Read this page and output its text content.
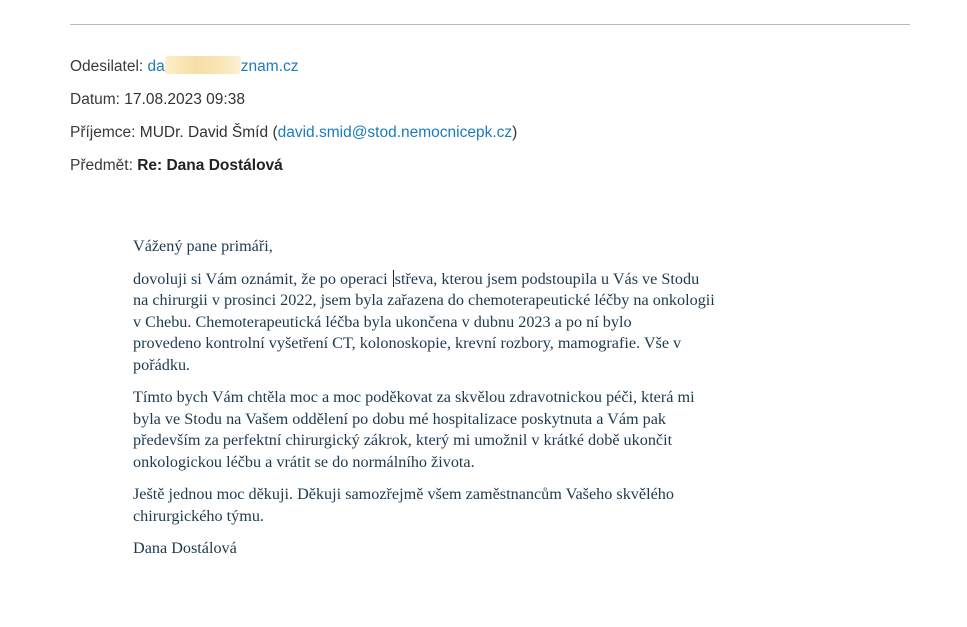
Odesilatel: da	znam.cz
Datum: 17.08.2023 09:38
Příjemce: MUDr. David Šmíd (david.smid@stod.nemocnicepk.cz)
Předmět: Re: Dana Dostálová

Vážený pane primáři,

dovoluji si Vám oznámit, že po operaci střeva, kterou jsem podstoupila u Vás ve Stodu
na chirurgii v prosinci 2022, jsem byla zařazena do chemoterapeutické léčby na onkologii
v Chebu. Chemoterapeutická léčba byla ukončena v dubnu 2023 a po ní bylo
provedeno kontrolní vyšetření CT, kolonoskopie, krevní rozbory, mamografie. Vše v
pořádku.

Tímto bych Vám chtěla moc a moc poděkovat za skvělou zdravotnickou péči, která mi
byla ve Stodu na Vašem oddělení po dobu mé hospitalizace poskytnuta a Vám pak
především za perfektní chirurgický zákrok, který mi umožnil v krátké době ukončit
onkologickou léčbu a vrátit se do normálního života.

Ještě jednou moc děkuji. Děkuji samozřejmě všem zaměstnancům Vašeho skvělého
chirurgického týmu.

Dana Dostálová
